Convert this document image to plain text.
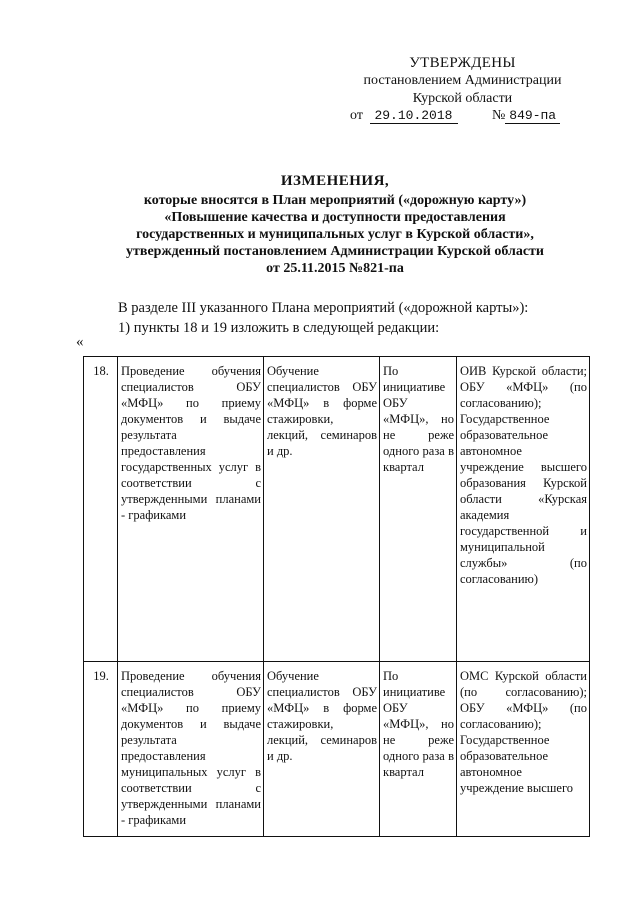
УТВЕРЖДЕНЫ
постановлением Администрации
Курской области
от 29.10.2018	№ 849-па
ИЗМЕНЕНИЯ,
которые вносятся в План мероприятий («дорожную карту»)
«Повышение качества и доступности предоставления
государственных и муниципальных услуг в Курской области»,
утвержденный постановлением Администрации Курской области
от 25.11.2015 №821-па
В разделе III указанного Плана мероприятий («дорожной карты»):
1) пункты 18 и 19 изложить в следующей редакции:
«
18.	Проведение обучения специалистов ОБУ «МФЦ» по приему документов и выдаче результата предоставления государственных услуг в соответствии с утвержденными планами - графиками	Обучение специалистов ОБУ «МФЦ» в форме стажировки, лекций, семинаров и др.	По инициативе ОБУ «МФЦ», но не реже одного раза в квартал	ОИВ Курской области; ОБУ «МФЦ» (по согласованию); Государственное образовательное автономное учреждение высшего образования Курской области «Курская академия государственной и муниципальной службы» (по согласованию)
19.	Проведение обучения специалистов ОБУ «МФЦ» по приему документов и выдаче результата предоставления муниципальных услуг в соответствии с утвержденными планами - графиками	Обучение специалистов ОБУ «МФЦ» в форме стажировки, лекций, семинаров и др.	По инициативе ОБУ «МФЦ», но не реже одного раза в квартал	ОМС Курской области (по согласованию); ОБУ «МФЦ» (по согласованию); Государственное образовательное автономное учреждение высшего
